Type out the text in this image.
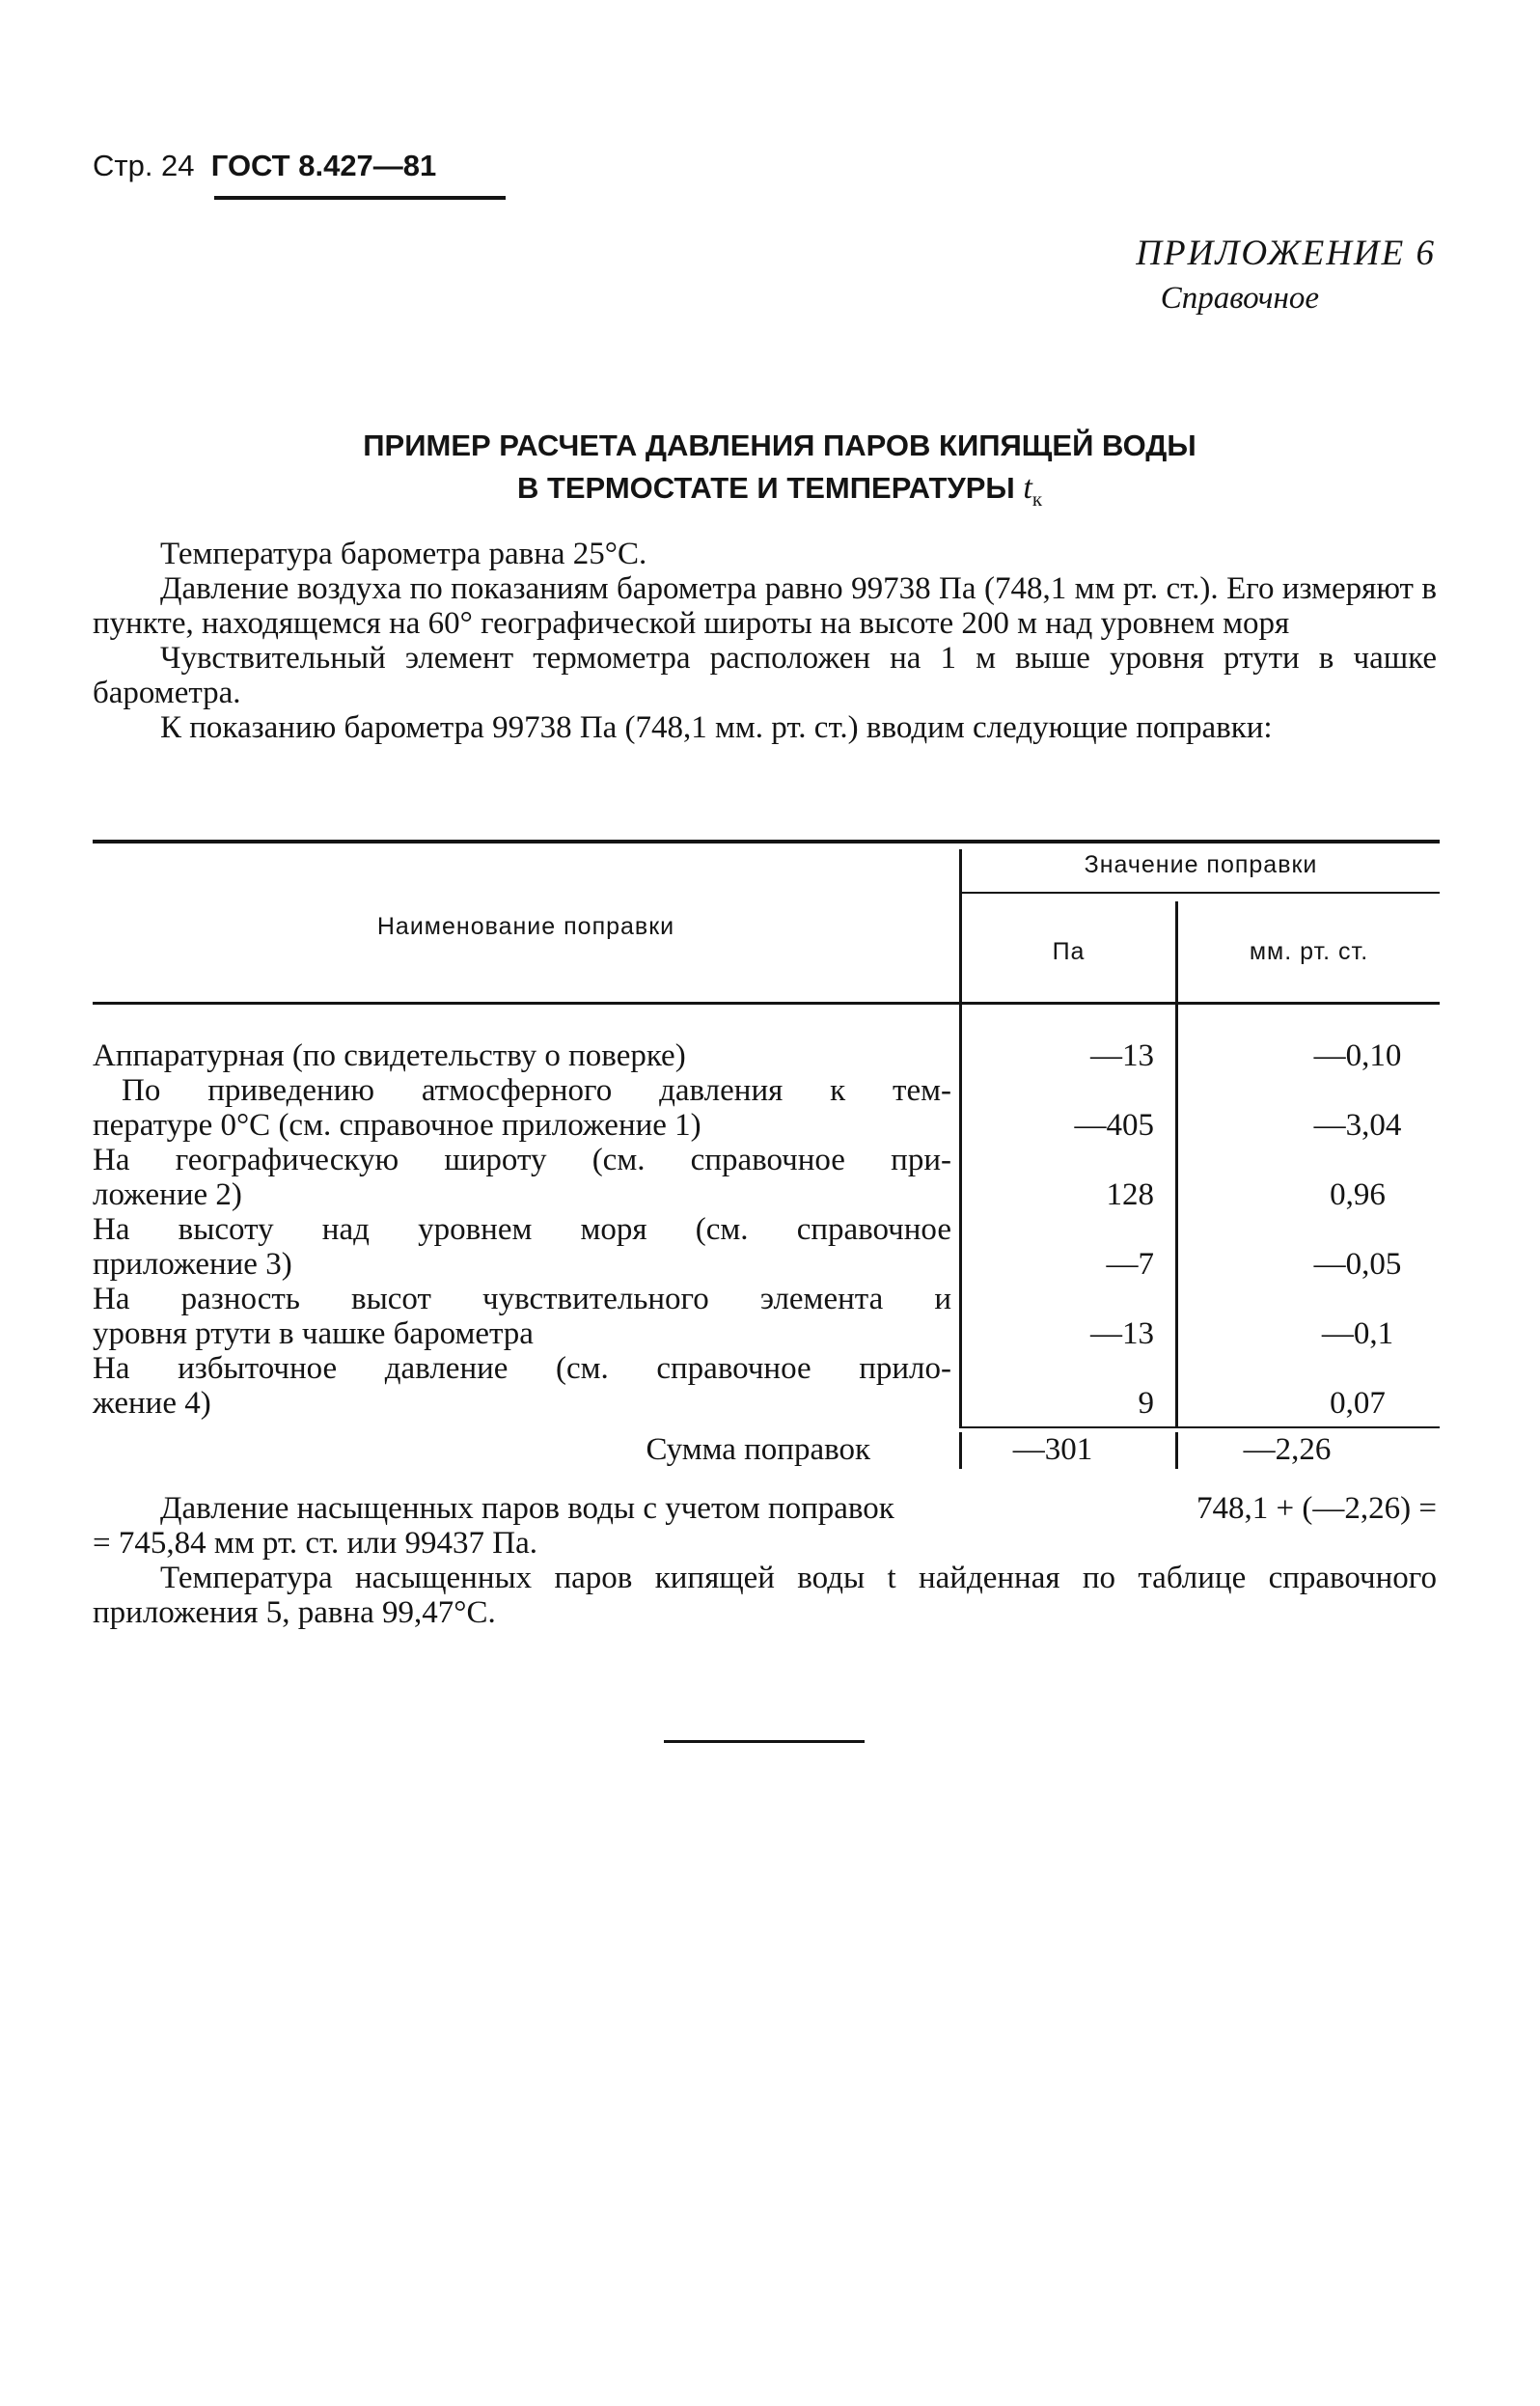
Стр. 24 ГОСТ 8.427—81
ПРИЛОЖЕНИЕ 6
Справочное
ПРИМЕР РАСЧЕТА ДАВЛЕНИЯ ПАРОВ КИПЯЩЕЙ ВОДЫ
В ТЕРМОСТАТЕ И ТЕМПЕРАТУРЫ $t_к$

Температура барометра равна 25°С.

Давление воздуха по показаниям барометра равно 99738 Па (748,1 мм рт. ст.). Его измеряют в пункте, находящемся на 60° географической широты на высоте 200 м над уровнем моря

Чувствительный элемент термометра расположен на 1 м выше уровня ртути в чашке барометра.

К показанию барометра 99738 Па (748,1 мм. рт. ст.) вводим следующие поправки:

Наименование поправки
Значение поправки
Па	мм. рт. ст.
Аппаратурная (по свидетельству о поверке)	—13	—0,10
По приведению атмосферного давления к тем-
пературе 0°С (см. справочное приложение 1)	—405	—3,04
На географическую широту (см. справочное при-
ложение 2)	128	0,96
На высоту над уровнем моря (см. справочное
приложение 3)	—7	—0,05
На разность высот чувствительного элемента и
уровня ртути в чашке барометра	—13	—0,1
На избыточное давление (см. справочное прило-
жение 4)	9	0,07
Сумма поправок	—301	—2,26
Давление насыщенных паров воды с учетом поправок	748,1 + (—2,26) =

= 745,84 мм рт. ст. или 99437 Па.

Температура насыщенных паров кипящей воды t найденная по таблице справочного приложения 5, равна 99,47°С.
